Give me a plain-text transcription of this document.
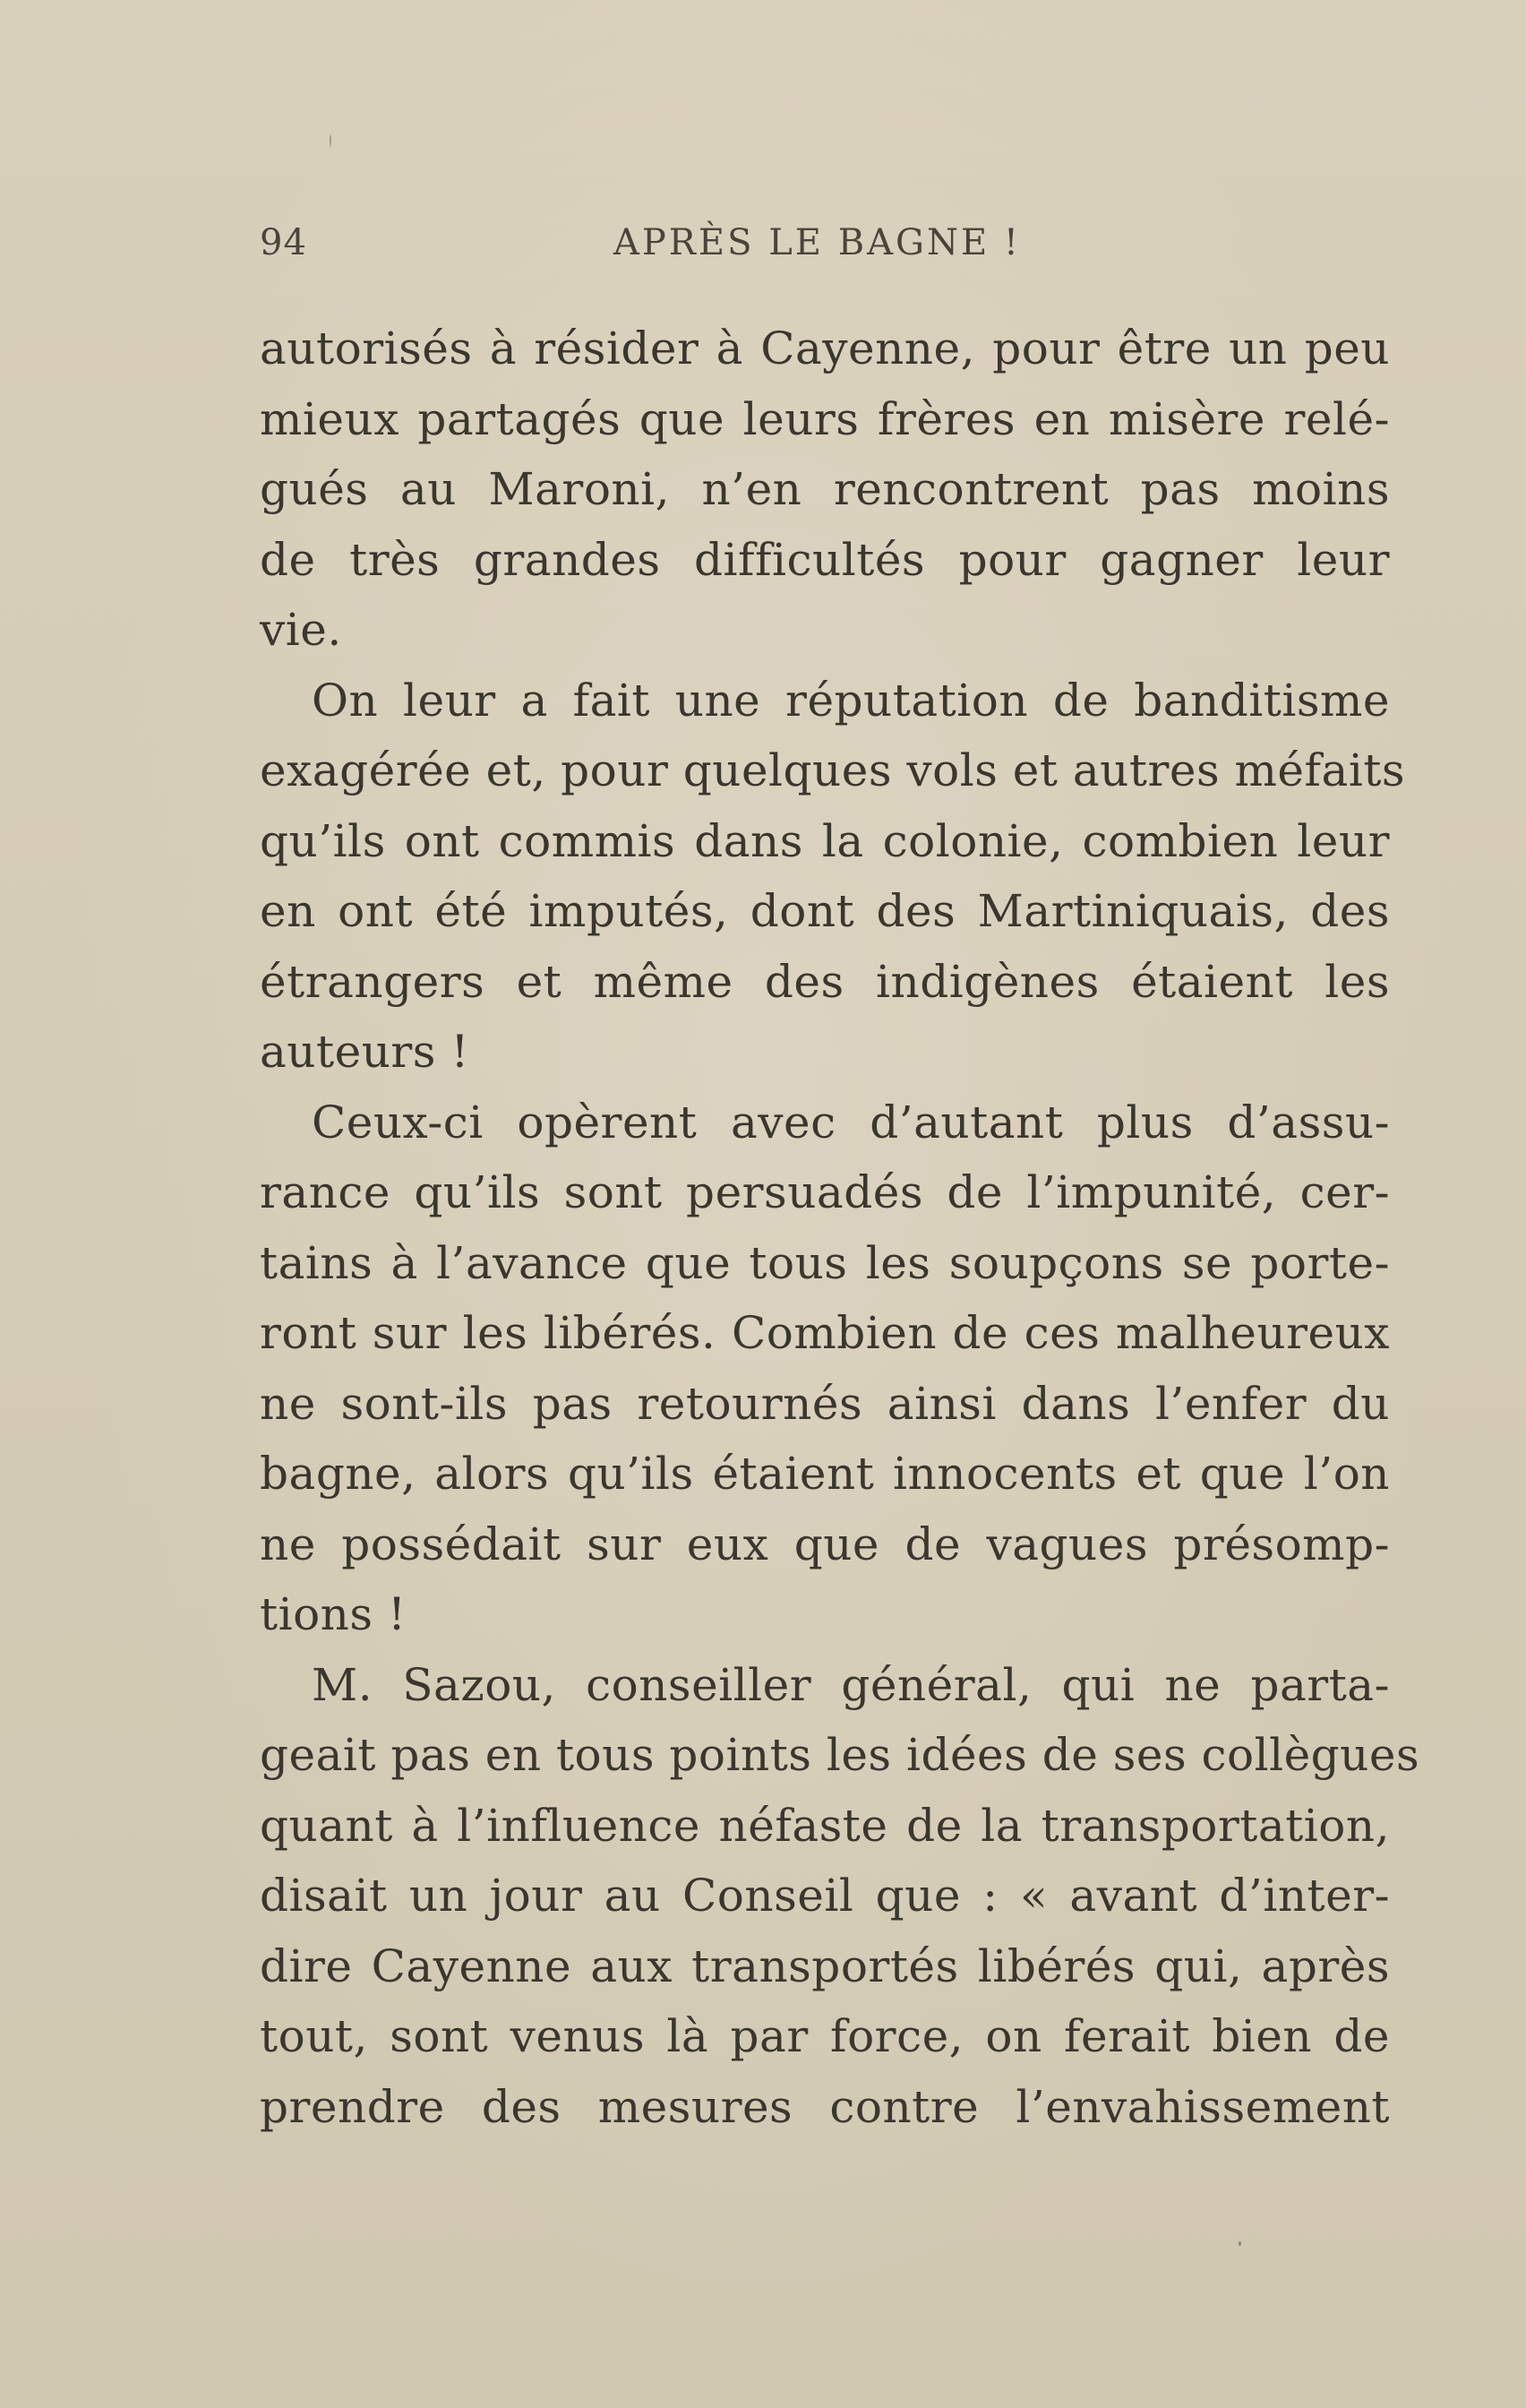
94	APRÈS LE BAGNE !
autorisés à résider à Cayenne, pour être un peu
mieux partagés que leurs frères en misère relé-
gués au Maroni, n’en rencontrent pas moins
de très grandes difficultés pour gagner leur
vie.
On leur a fait une réputation de banditisme
exagérée et, pour quelques vols et autres méfaits
qu’ils ont commis dans la colonie, combien leur
en ont été imputés, dont des Martiniquais, des
étrangers et même des indigènes étaient les
auteurs !
Ceux-ci opèrent avec d’autant plus d’assu-
rance qu’ils sont persuadés de l’impunité, cer-
tains à l’avance que tous les soupçons se porte-
ront sur les libérés. Combien de ces malheureux
ne sont-ils pas retournés ainsi dans l’enfer du
bagne, alors qu’ils étaient innocents et que l’on
ne possédait sur eux que de vagues présomp-
tions !
M. Sazou, conseiller général, qui ne parta-
geait pas en tous points les idées de ses collègues
quant à l’influence néfaste de la transportation,
disait un jour au Conseil que : « avant d’inter-
dire Cayenne aux transportés libérés qui, après
tout, sont venus là par force, on ferait bien de
prendre des mesures contre l’envahissement
